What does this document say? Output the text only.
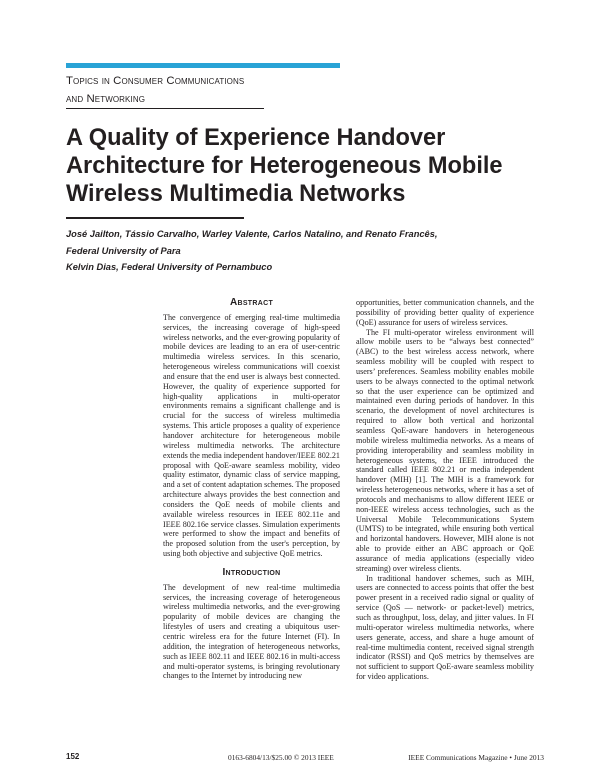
Topics in Consumer Communications
and Networking
A Quality of Experience Handover
Architecture for Heterogeneous Mobile
Wireless Multimedia Networks
José Jailton, Tássio Carvalho, Warley Valente, Carlos Natalino, and Renato Francês,
Federal University of Para
Kelvin Dias, Federal University of Pernambuco
Abstract

The convergence of emerging real-time multimedia services, the increasing coverage of high-speed wireless networks, and the ever-growing popularity of mobile devices are leading to an era of user-centric multimedia wireless services. In this scenario, heterogeneous wireless communications will coexist and ensure that the end user is always best connected. However, the quality of experience supported for high-quality applications in multi-operator environments remains a significant challenge and is crucial for the success of wireless multimedia systems. This article proposes a quality of experience handover architecture for heterogeneous mobile wireless multimedia networks. The architecture extends the media independent handover/IEEE 802.21 proposal with QoE-aware seamless mobility, video quality estimator, dynamic class of service mapping, and a set of content adaptation schemes. The proposed architecture always provides the best connection and considers the QoE needs of mobile clients and available wireless resources in IEEE 802.11e and IEEE 802.16e service classes. Simulation experiments were performed to show the impact and benefits of the proposed solution from the user's perception, by using both objective and subjective QoE metrics.

Introduction

The development of new real-time multimedia services, the increasing coverage of heterogeneous wireless multimedia networks, and the ever-growing popularity of mobile devices are changing the lifestyles of users and creating a ubiquitous user-centric wireless era for the future Internet (FI). In addition, the integration of heterogeneous networks, such as IEEE 802.11 and IEEE 802.16 in multi-access and multi-operator systems, is bringing revolutionary changes to the Internet by introducing new

opportunities, better communication channels, and the possibility of providing better quality of experience (QoE) assurance for users of wireless services.

The FI multi-operator wireless environment will allow mobile users to be “always best connected” (ABC) to the best wireless access network, where seamless mobility will be coupled with respect to users’ preferences. Seamless mobility enables mobile users to be always connected to the optimal network so that the user experience can be optimized and maintained even during periods of handover. In this scenario, the development of novel architectures is required to allow both vertical and horizontal seamless QoE-aware handovers in heterogeneous mobile wireless multimedia networks. As a means of providing interoperability and seamless mobility in heterogeneous systems, the IEEE introduced the standard called IEEE 802.21 or media independent handover (MIH) [1]. The MIH is a framework for wireless heterogeneous networks, where it has a set of protocols and mechanisms to allow different IEEE or non-IEEE wireless access technologies, such as the Universal Mobile Telecommunications System (UMTS) to be integrated, while ensuring both vertical and horizontal handovers. However, MIH alone is not able to provide either an ABC approach or QoE assurance of media applications (especially video streaming) over wireless clients.

In traditional handover schemes, such as MIH, users are connected to access points that offer the best power present in a received radio signal or quality of service (QoS — network- or packet-level) metrics, such as throughput, loss, delay, and jitter values. In FI multi-operator wireless multimedia networks, where users generate, access, and share a huge amount of real-time multimedia content, received signal strength indicator (RSSI) and QoS metrics by themselves are not sufficient to support QoE-aware seamless mobility for video applications.

152	0163-6804/13/$25.00 © 2013 IEEE	IEEE Communications Magazine • June 2013
